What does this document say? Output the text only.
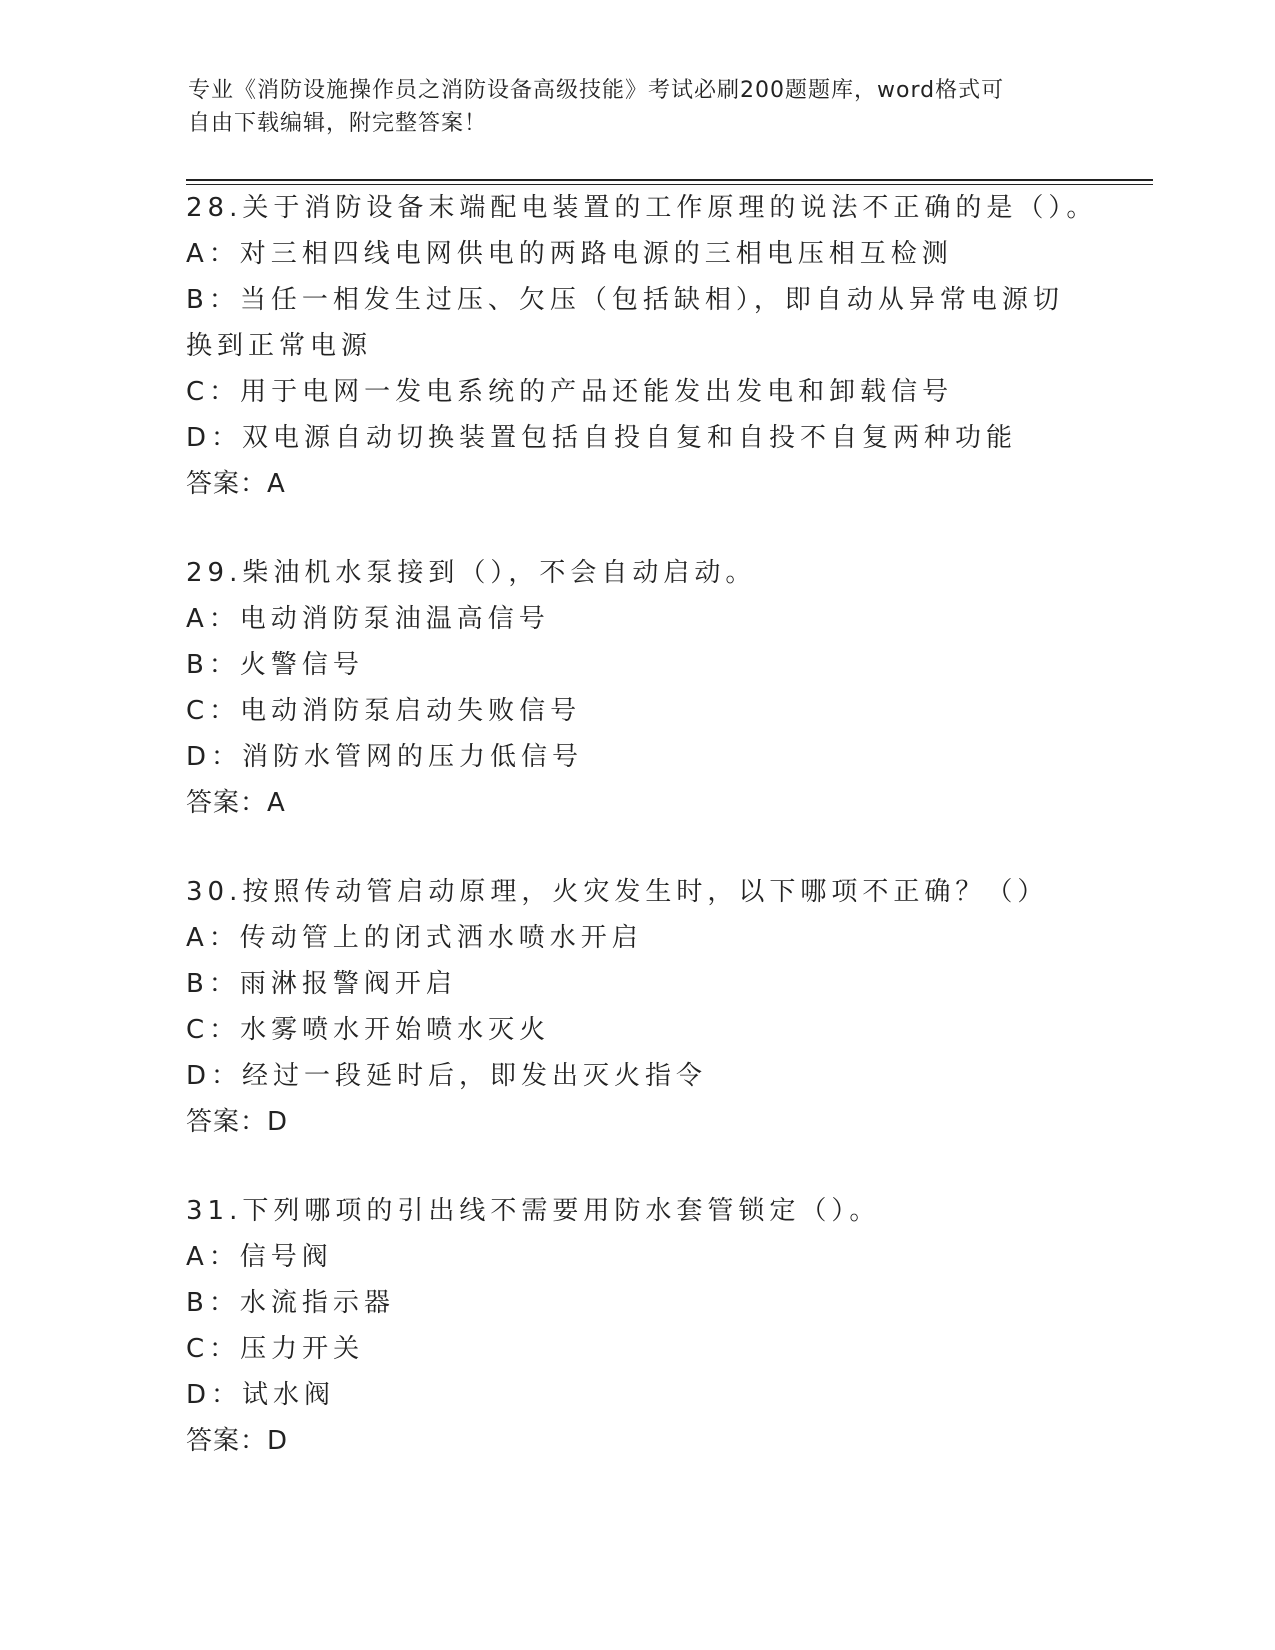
专业《消防设施操作员之消防设备高级技能》考试必刷200题题库，word格式可
自由下载编辑，附完整答案！
28.关于消防设备末端配电装置的工作原理的说法不正确的是（）。
A：对三相四线电网供电的两路电源的三相电压相互检测
B：当任一相发生过压、欠压（包括缺相），即自动从异常电源切换到正常电源
C：用于电网一发电系统的产品还能发出发电和卸载信号
D：双电源自动切换装置包括自投自复和自投不自复两种功能
答案：A
29.柴油机水泵接到（），不会自动启动。
A：电动消防泵油温高信号
B：火警信号
C：电动消防泵启动失败信号
D：消防水管网的压力低信号
答案：A
30.按照传动管启动原理，火灾发生时，以下哪项不正确？（）
A：传动管上的闭式洒水喷水开启
B：雨淋报警阀开启
C：水雾喷水开始喷水灭火
D：经过一段延时后，即发出灭火指令
答案：D
31.下列哪项的引出线不需要用防水套管锁定（）。
A：信号阀
B：水流指示器
C：压力开关
D：试水阀
答案：D
